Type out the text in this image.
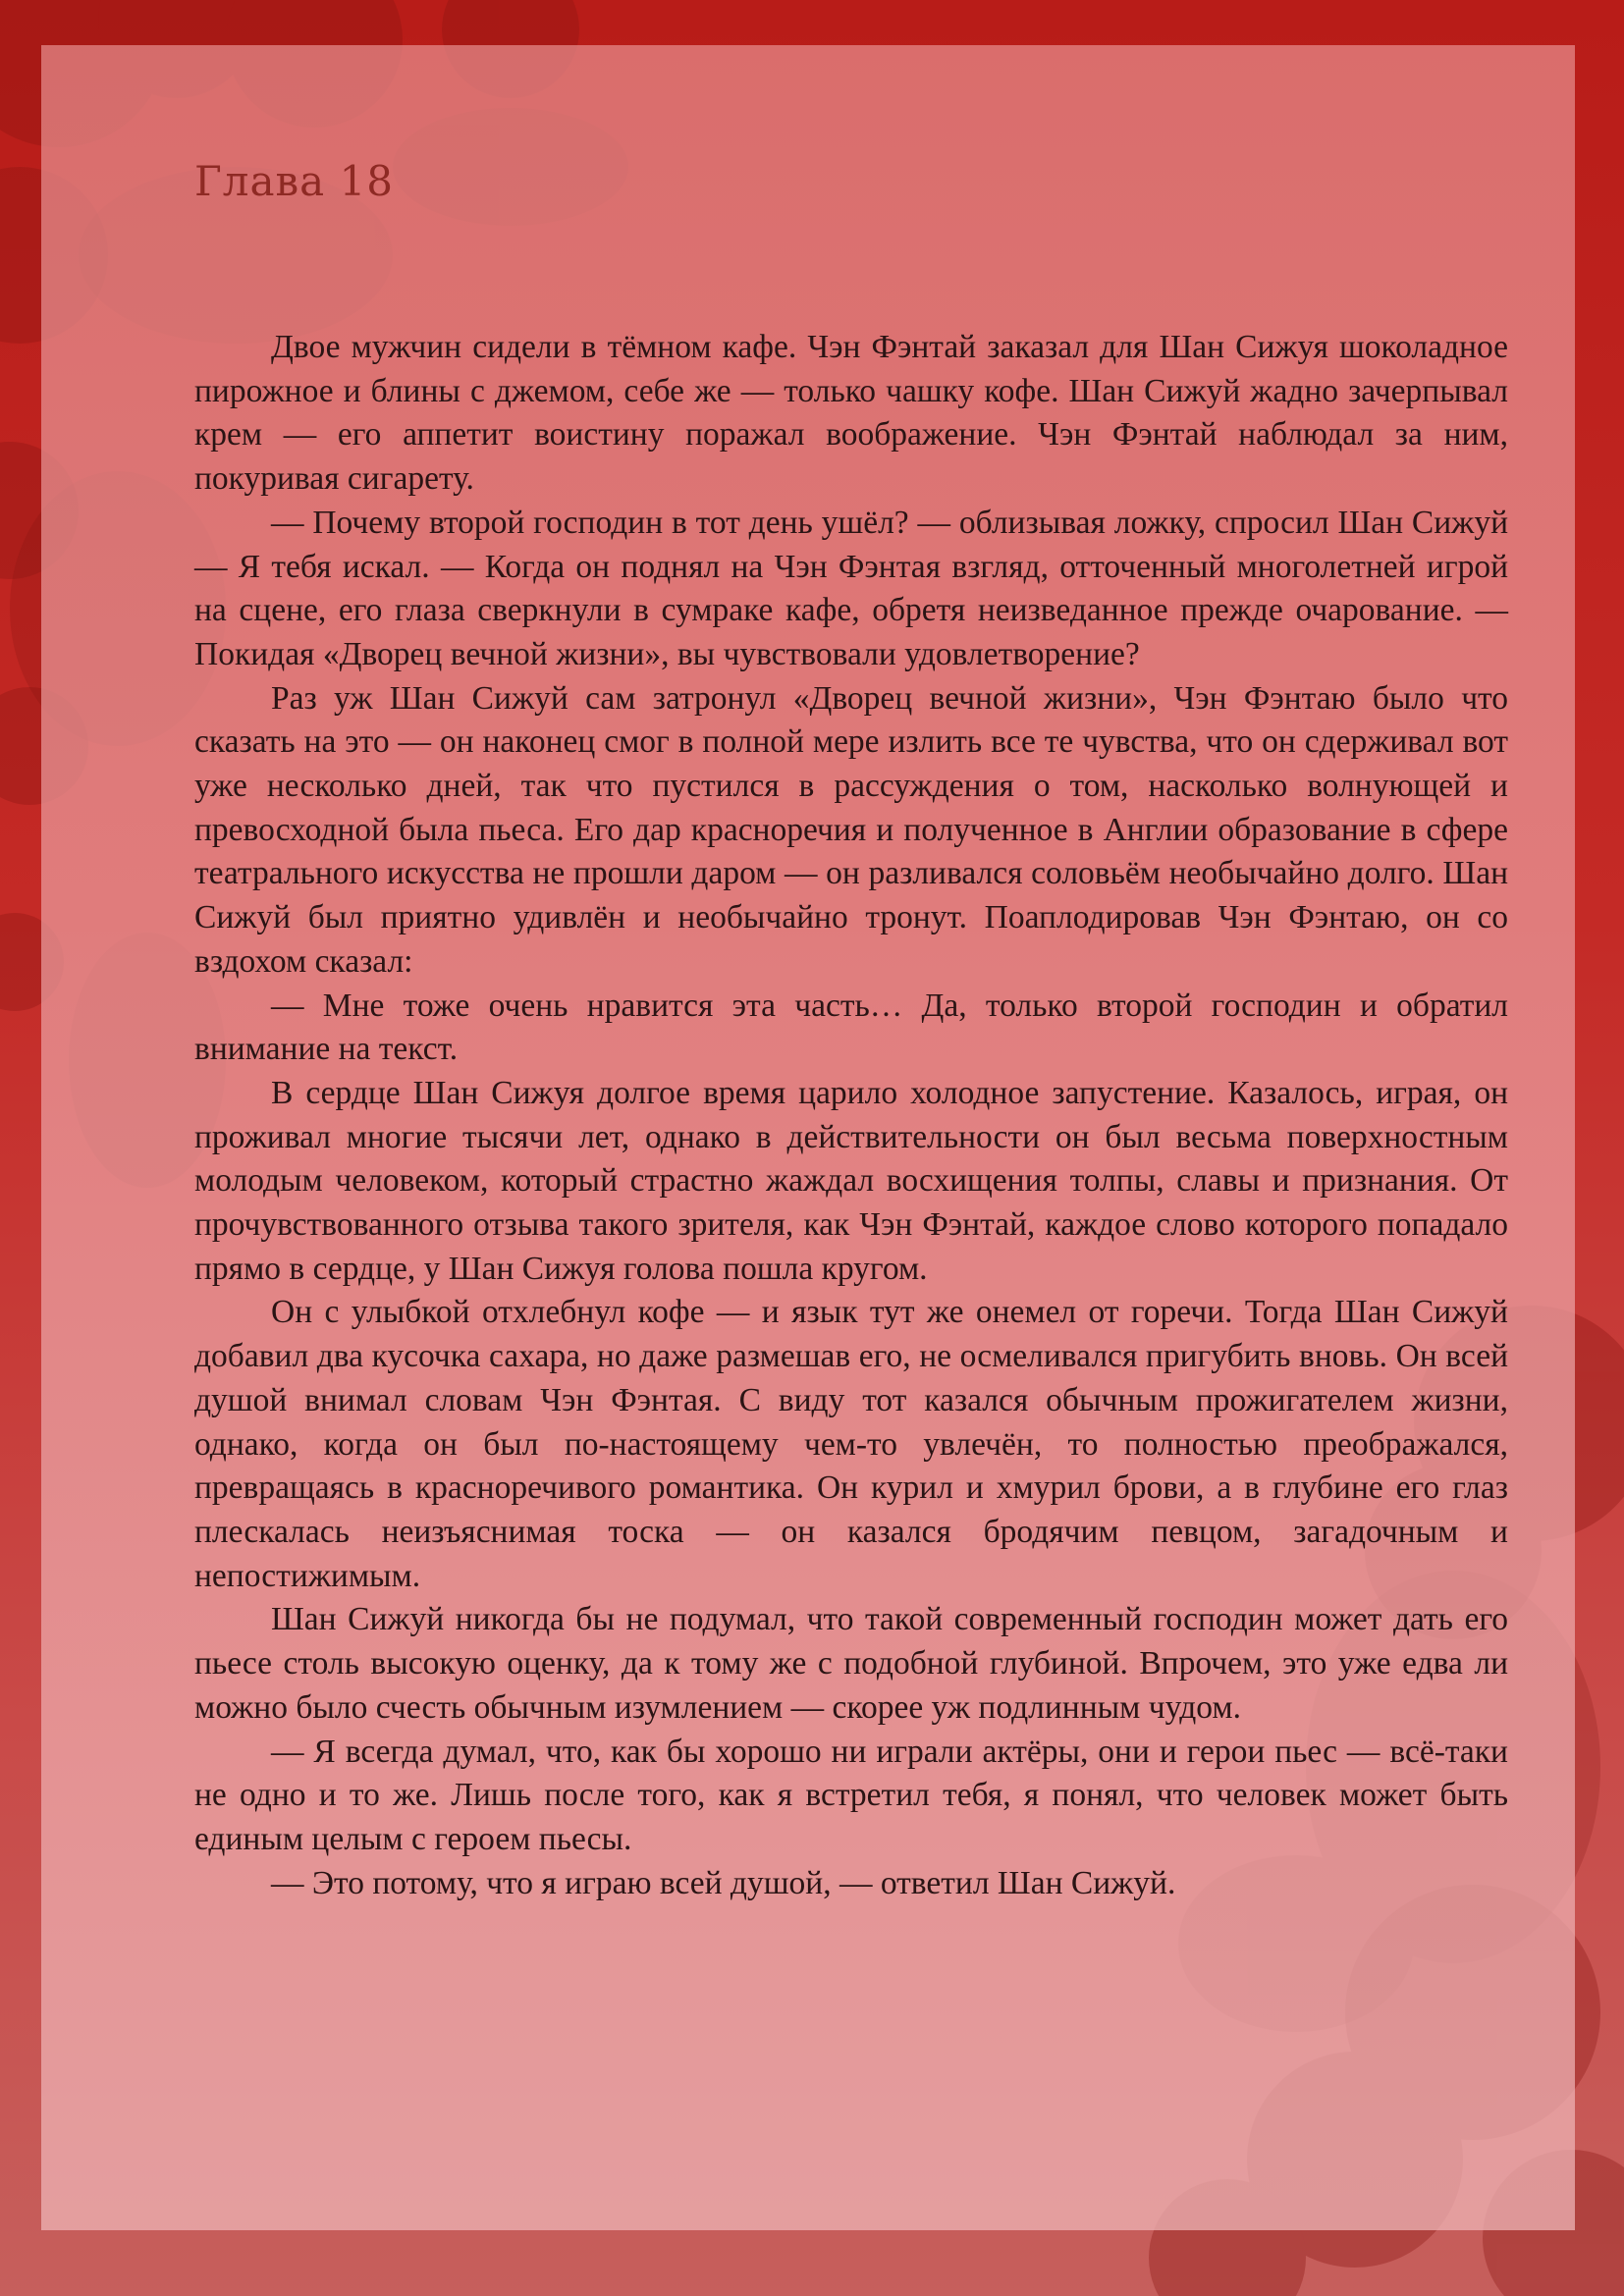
Глава 18

Двое мужчин сидели в тёмном кафе. Чэн Фэнтай заказал для Шан Сижуя шоколадное пирожное и блины с джемом, себе же — только чашку кофе. Шан Сижуй жадно зачерпывал крем — его аппетит воистину поражал воображение. Чэн Фэнтай наблюдал за ним, покуривая сигарету.

— Почему второй господин в тот день ушёл? — облизывая ложку, спросил Шан Сижуй — Я тебя искал. — Когда он поднял на Чэн Фэнтая взгляд, отточенный многолетней игрой на сцене, его глаза сверкнули в сумраке кафе, обретя неизведанное прежде очарование. — Покидая «Дворец вечной жизни», вы чувствовали удовлетворение?

Раз уж Шан Сижуй сам затронул «Дворец вечной жизни», Чэн Фэнтаю было что сказать на это — он наконец смог в полной мере излить все те чувства, что он сдерживал вот уже несколько дней, так что пустился в рассуждения о том, насколько волнующей и превосходной была пьеса. Его дар красноречия и полученное в Англии образование в сфере театрального искусства не прошли даром — он разливался соловьём необычайно долго. Шан Сижуй был приятно удивлён и необычайно тронут. Поаплодировав Чэн Фэнтаю, он со вздохом сказал:

— Мне тоже очень нравится эта часть… Да, только второй господин и обратил внимание на текст.

В сердце Шан Сижуя долгое время царило холодное запустение. Казалось, играя, он проживал многие тысячи лет, однако в действительности он был весьма поверхностным молодым человеком, который страстно жаждал восхищения толпы, славы и признания. От прочувствованного отзыва такого зрителя, как Чэн Фэнтай, каждое слово которого попадало прямо в сердце, у Шан Сижуя голова пошла кругом.

Он с улыбкой отхлебнул кофе — и язык тут же онемел от горечи. Тогда Шан Сижуй добавил два кусочка сахара, но даже размешав его, не осмеливался пригубить вновь. Он всей душой внимал словам Чэн Фэнтая. С виду тот казался обычным прожигателем жизни, однако, когда он был по-настоящему чем-то увлечён, то полностью преображался, превращаясь в красноречивого романтика. Он курил и хмурил брови, а в глубине его глаз плескалась неизъяснимая тоска — он казался бродячим певцом, загадочным и непостижимым.

Шан Сижуй никогда бы не подумал, что такой современный господин может дать его пьесе столь высокую оценку, да к тому же с подобной глубиной. Впрочем, это уже едва ли можно было счесть обычным изумлением — скорее уж подлинным чудом.

— Я всегда думал, что, как бы хорошо ни играли актёры, они и герои пьес — всё-таки не одно и то же. Лишь после того, как я встретил тебя, я понял, что человек может быть единым целым с героем пьесы.

— Это потому, что я играю всей душой, — ответил Шан Сижуй.
